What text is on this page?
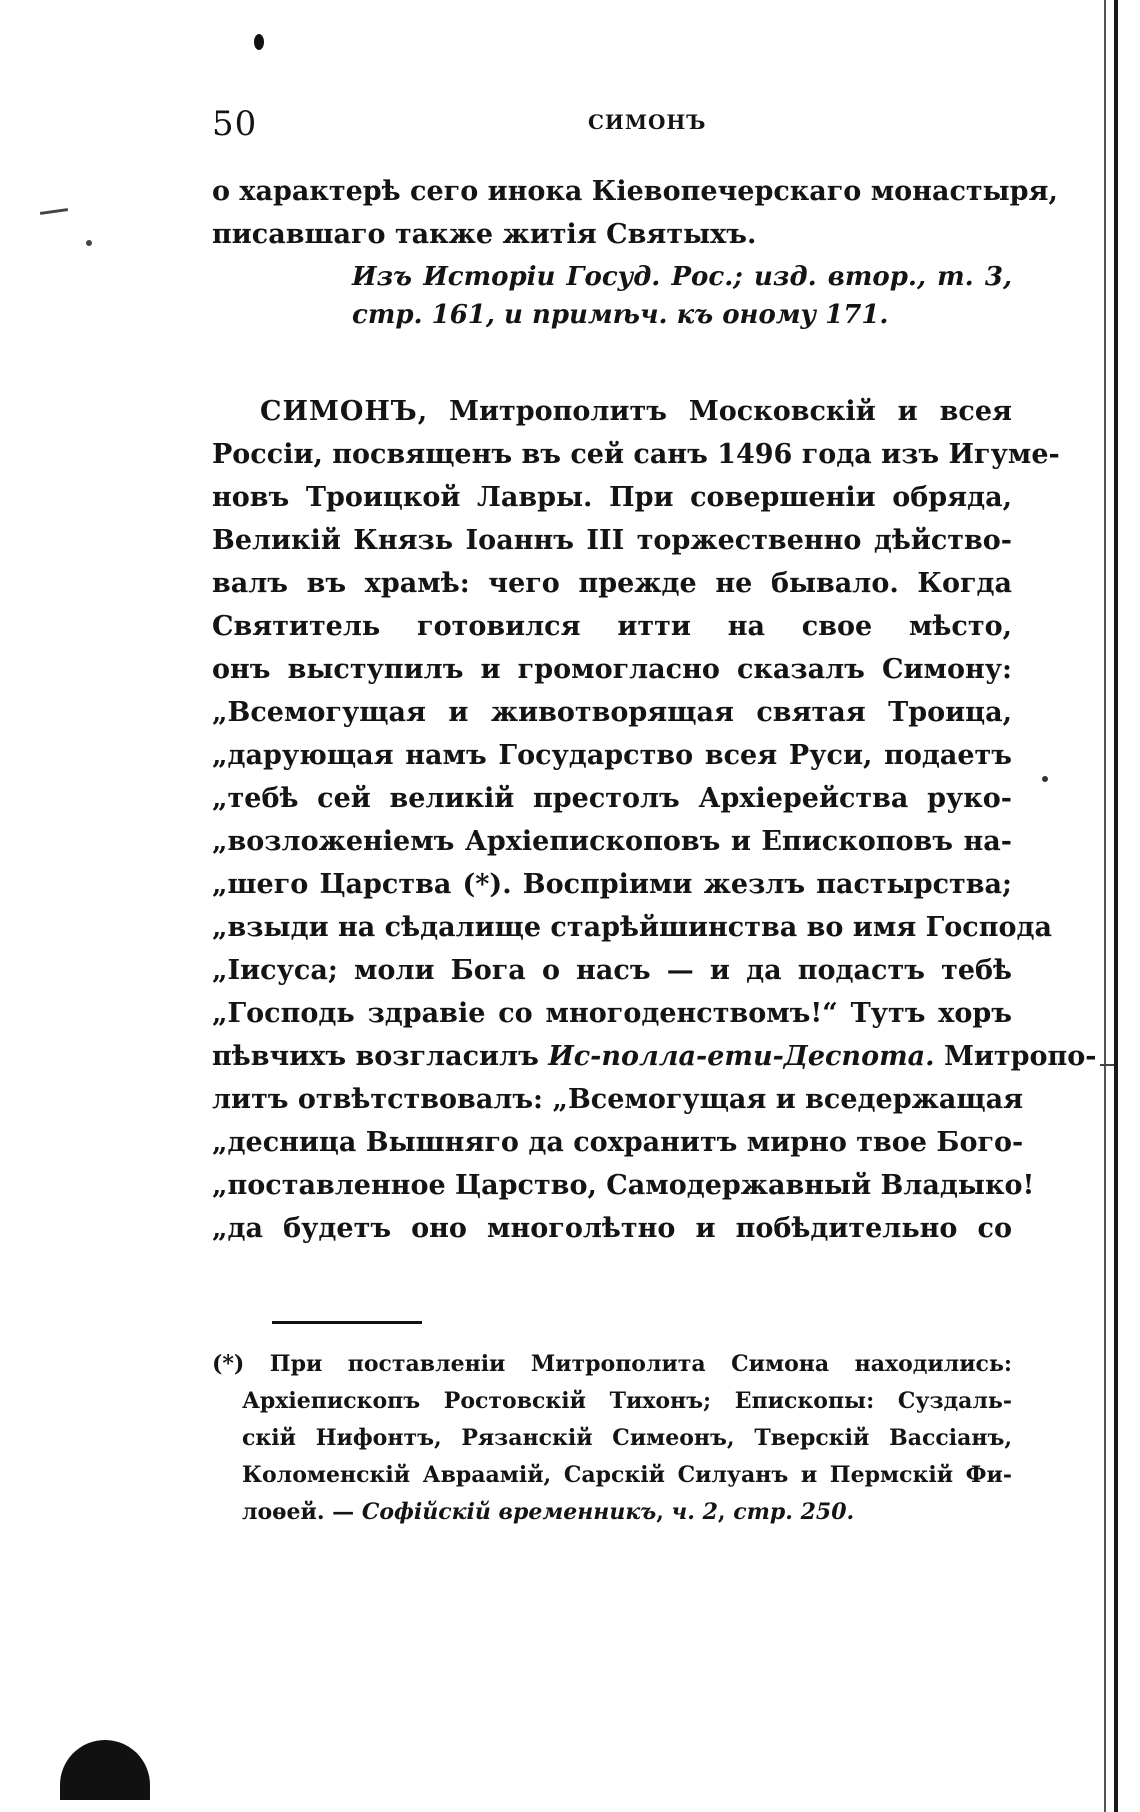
50	СИМОНЪ
о характерѣ сего инока Кіевопечерскаго монастыря,
писавшаго также житія Святыхъ.
Изъ Исторіи Госуд. Рос.; изд. втор., т. 3,
стр. 161, и примѣч. къ оному 171.
СИМОНЪ, Митрополитъ Московскій и всея
Россіи, посвященъ въ сей санъ 1496 года изъ Игуме-
новъ Троицкой Лавры. При совершеніи обряда,
Великій Князь Іоаннъ III торжественно дѣйство-
валъ въ храмѣ: чего прежде не бывало. Когда
Святитель готовился итти на свое мѣсто,
онъ выступилъ и громогласно сказалъ Симону:
„Всемогущая и животворящая святая Троица,
„дарующая намъ Государство всея Руси, подаетъ
„тебѣ сей великій престолъ Архіерейства руко-
„возложеніемъ Архіепископовъ и Епископовъ на-
„шего Царства (*). Воспріими жезлъ пастырства;
„взыди на сѣдалище старѣйшинства во имя Господа
„Іисуса; моли Бога о насъ — и да подастъ тебѣ
„Господь здравіе со многоденствомъ!“ Тутъ хоръ
пѣвчихъ возгласилъ Ис-полла-ети-Деспота. Митропо-
литъ отвѣтствовалъ: „Всемогущая и вседержащая
„десница Вышняго да сохранитъ мирно твое Бого-
„поставленное Царство, Самодержавный Владыко!
„да будетъ оно многолѣтно и побѣдительно со
(*) При поставленіи Митрополита Симона находились:
Архіепископъ Ростовскій Тихонъ; Епископы: Суздаль-
скій Нифонтъ, Рязанскій Симеонъ, Тверскій Вассіанъ,
Коломенскій Авраамій, Сарскій Силуанъ и Пермскій Фи-
лоѳей. — Софійскій временникъ, ч. 2, стр. 250.
